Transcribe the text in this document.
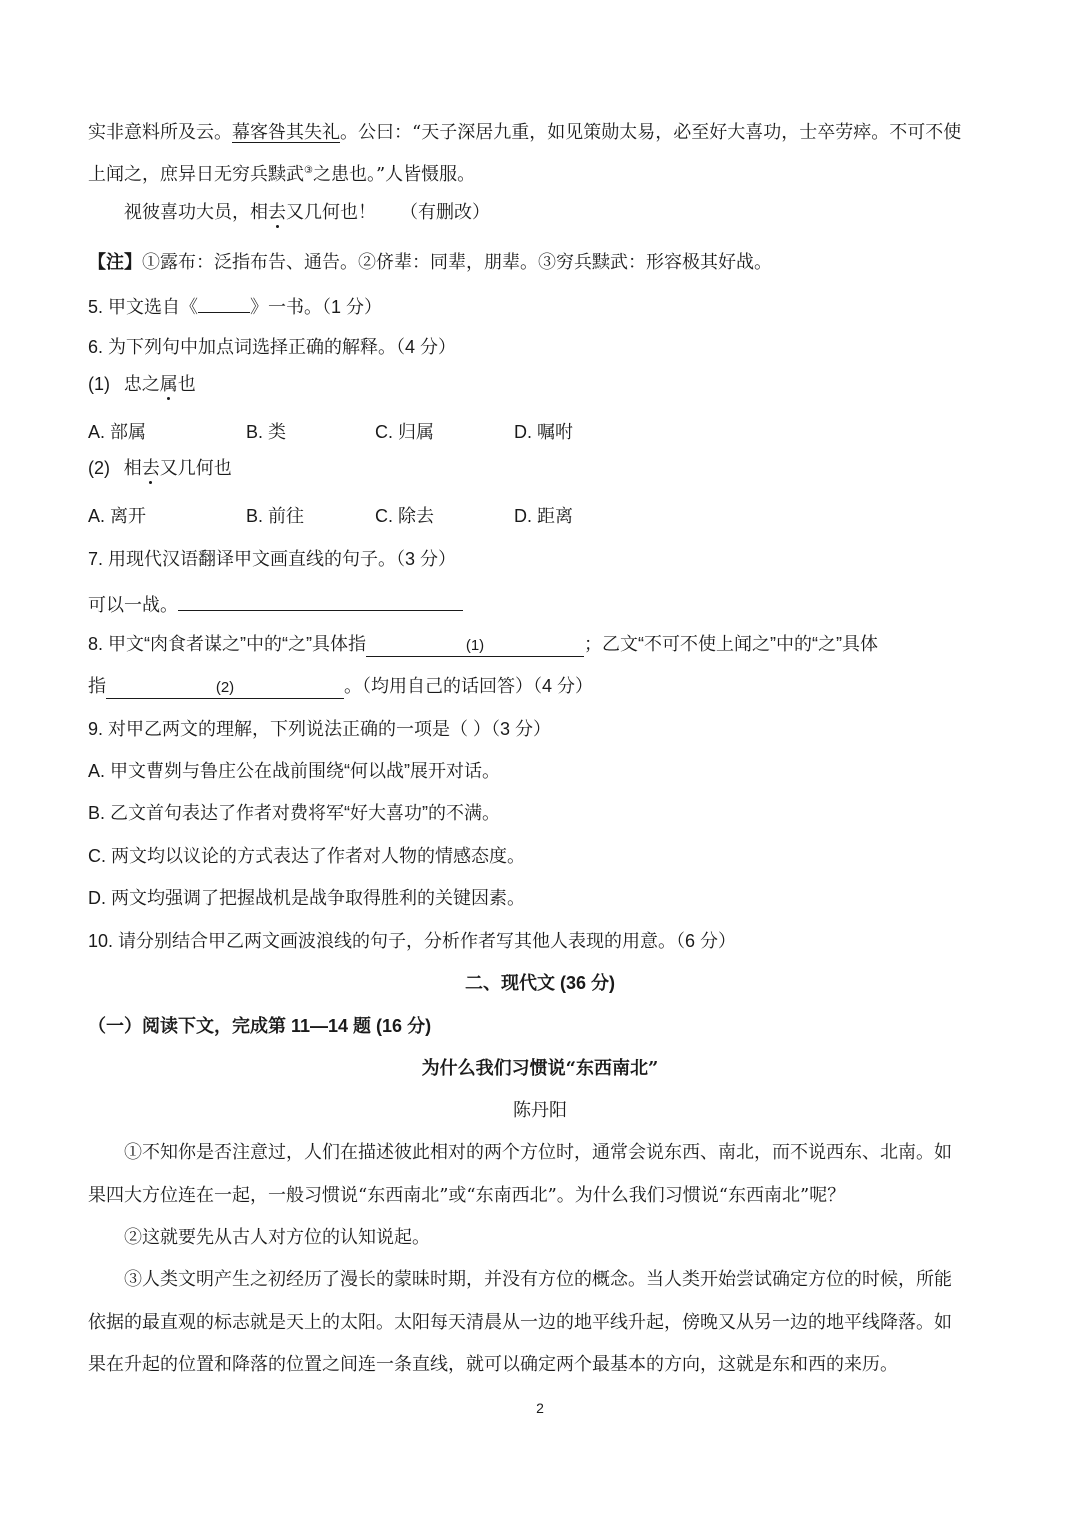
实非意料所及云。幕客咎其失礼。公曰：“天子深居九重，如见策勋太易，必至好大喜功，士卒劳瘁。不可不使
上闻之，庶异日无穷兵黩武③之患也。”人皆慑服。
视彼喜功大员，相去又几何也！ （有删改）
【注】①露布：泛指布告、通告。②侪辈：同辈，朋辈。③穷兵黩武：形容极其好战。
5. 甲文选自《	》一书。（1 分）
6. 为下列句中加点词选择正确的解释。（4 分）
(1) 忠之属也
A. 部属	B. 类	C. 归属	D. 嘱咐
(2) 相去又几何也
A. 离开	B. 前往	C. 除去	D. 距离
7. 用现代汉语翻译甲文画直线的句子。（3 分）
可以一战。
8. 甲文“肉食者谋之”中的“之”具体指	(1)	；乙文“不可不使上闻之”中的“之”具体
指	(2)	。（均用自己的话回答）（4 分）
9. 对甲乙两文的理解，下列说法正确的一项是（ ）（3 分）
A. 甲文曹刿与鲁庄公在战前围绕“何以战”展开对话。
B. 乙文首句表达了作者对费将军“好大喜功”的不满。
C. 两文均以议论的方式表达了作者对人物的情感态度。
D. 两文均强调了把握战机是战争取得胜利的关键因素。
10. 请分别结合甲乙两文画波浪线的句子，分析作者写其他人表现的用意。（6 分）
二、现代文 (36 分)
（一）阅读下文，完成第 11—14 题 (16 分)
为什么我们习惯说“东西南北”
陈丹阳
①不知你是否注意过，人们在描述彼此相对的两个方位时，通常会说东西、南北，而不说西东、北南。如
果四大方位连在一起，一般习惯说“东西南北”或“东南西北”。为什么我们习惯说“东西南北”呢？
②这就要先从古人对方位的认知说起。
③人类文明产生之初经历了漫长的蒙昧时期，并没有方位的概念。当人类开始尝试确定方位的时候，所能
依据的最直观的标志就是天上的太阳。太阳每天清晨从一边的地平线升起，傍晚又从另一边的地平线降落。如
果在升起的位置和降落的位置之间连一条直线，就可以确定两个最基本的方向，这就是东和西的来历。
2
